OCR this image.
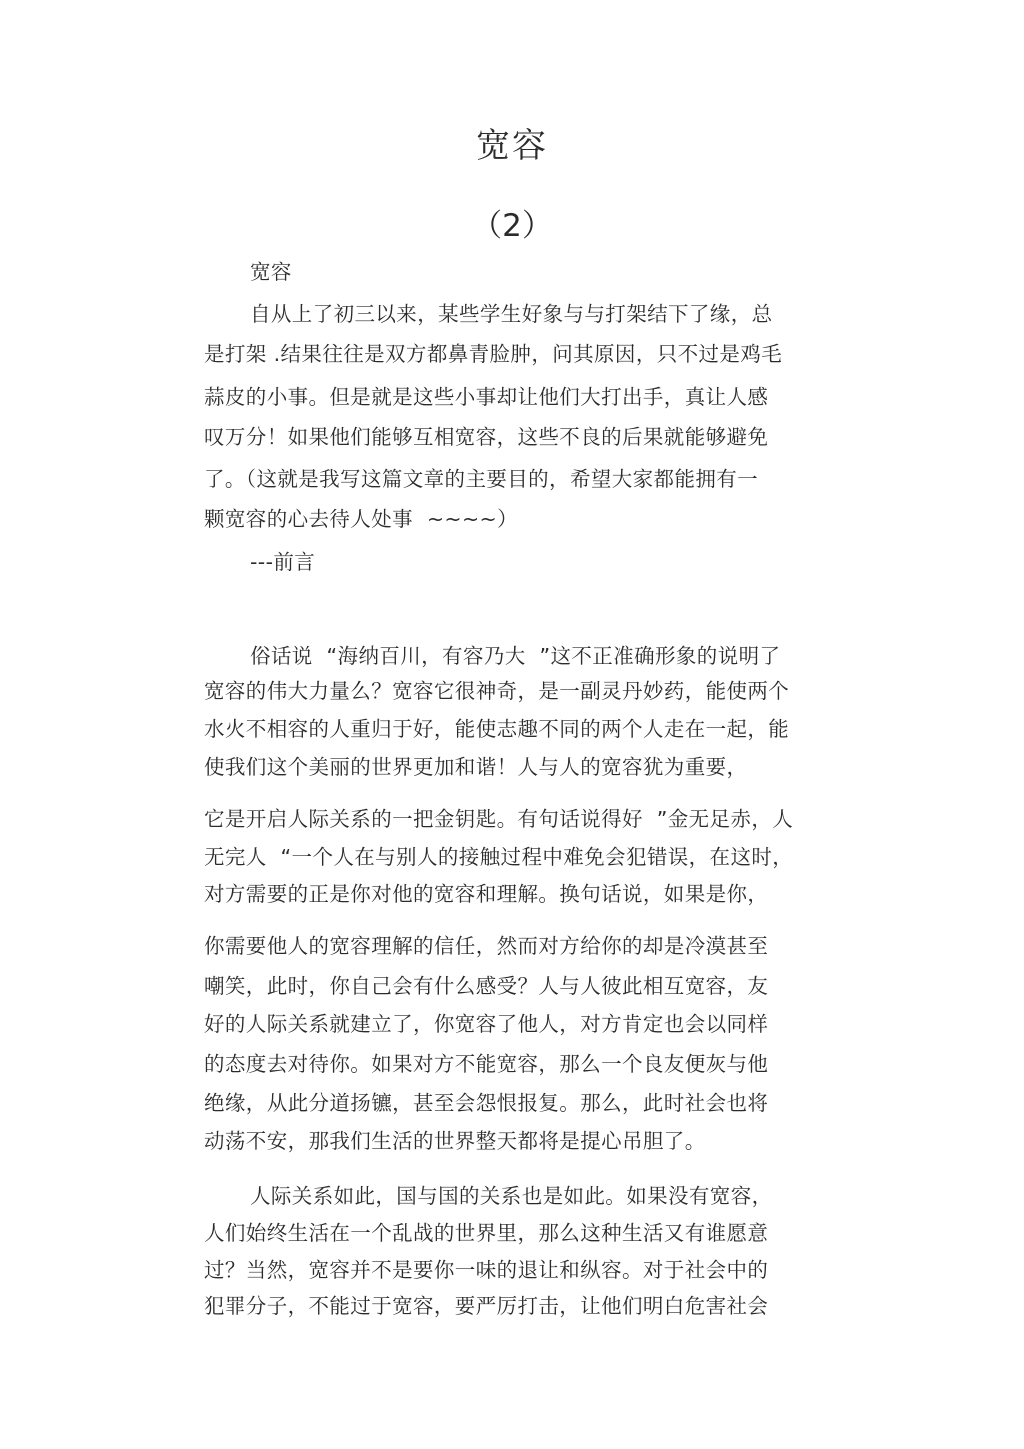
宽容
（2）
宽容
自从上了初三以来，某些学生好象与与打架结下了缘，总
是打架 .结果往往是双方都鼻青脸肿，问其原因，只不过是鸡毛
蒜皮的小事。但是就是这些小事却让他们大打出手，真让人感
叹万分！如果他们能够互相宽容，这些不良的后果就能够避免
了。（这就是我写这篇文章的主要目的，希望大家都能拥有一
颗宽容的心去待人处事  ~~~~）
---前言
俗话说  “海纳百川，有容乃大  ”这不正准确形象的说明了
宽容的伟大力量么？宽容它很神奇，是一副灵丹妙药，能使两个
水火不相容的人重归于好，能使志趣不同的两个人走在一起，能
使我们这个美丽的世界更加和谐！人与人的宽容犹为重要，
它是开启人际关系的一把金钥匙。有句话说得好  ”金无足赤，人
无完人  “一个人在与别人的接触过程中难免会犯错误，在这时，
对方需要的正是你对他的宽容和理解。换句话说，如果是你，
你需要他人的宽容理解的信任，然而对方给你的却是冷漠甚至
嘲笑，此时，你自己会有什么感受？人与人彼此相互宽容，友
好的人际关系就建立了，你宽容了他人，对方肯定也会以同样
的态度去对待你。如果对方不能宽容，那么一个良友便灰与他
绝缘，从此分道扬镳，甚至会怨恨报复。那么，此时社会也将
动荡不安，那我们生活的世界整天都将是提心吊胆了。
人际关系如此，国与国的关系也是如此。如果没有宽容，
人们始终生活在一个乱战的世界里，那么这种生活又有谁愿意
过？当然，宽容并不是要你一味的退让和纵容。对于社会中的
犯罪分子，不能过于宽容，要严厉打击，让他们明白危害社会
